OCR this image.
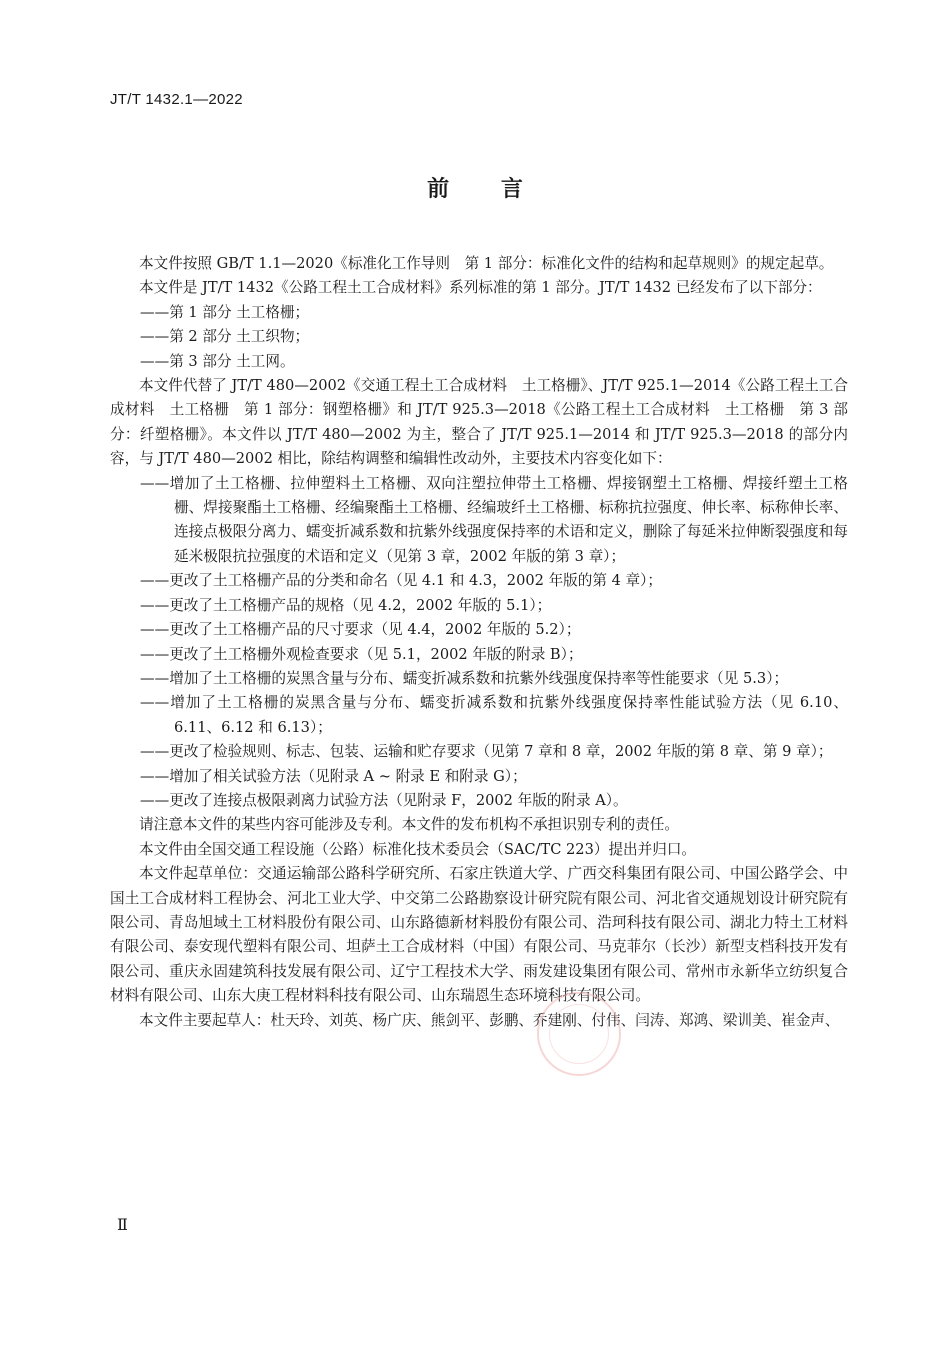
JT/T 1432.1—2022
前 言

本文件按照 GB/T 1.1—2020《标准化工作导则　第 1 部分：标准化文件的结构和起草规则》的规定起草。

本文件是 JT/T 1432《公路工程土工合成材料》系列标准的第 1 部分。JT/T 1432 已经发布了以下部分：

——第 1 部分 土工格栅；

——第 2 部分 土工织物；

——第 3 部分 土工网。

本文件代替了 JT/T 480—2002《交通工程土工合成材料　土工格栅》、JT/T 925.1—2014《公路工程土工合成材料　土工格栅　第 1 部分：钢塑格栅》和 JT/T 925.3—2018《公路工程土工合成材料　土工格栅　第 3 部分：纤塑格栅》。本文件以 JT/T 480—2002 为主，整合了 JT/T 925.1—2014 和 JT/T 925.3—2018 的部分内容，与 JT/T 480—2002 相比，除结构调整和编辑性改动外，主要技术内容变化如下：

——增加了土工格栅、拉伸塑料土工格栅、双向注塑拉伸带土工格栅、焊接钢塑土工格栅、焊接纤塑土工格栅、焊接聚酯土工格栅、经编聚酯土工格栅、经编玻纤土工格栅、标称抗拉强度、伸长率、标称伸长率、连接点极限分离力、蠕变折减系数和抗紫外线强度保持率的术语和定义，删除了每延米拉伸断裂强度和每延米极限抗拉强度的术语和定义（见第 3 章，2002 年版的第 3 章）；

——更改了土工格栅产品的分类和命名（见 4.1 和 4.3，2002 年版的第 4 章）；

——更改了土工格栅产品的规格（见 4.2，2002 年版的 5.1）；

——更改了土工格栅产品的尺寸要求（见 4.4，2002 年版的 5.2）；

——更改了土工格栅外观检查要求（见 5.1，2002 年版的附录 B）；

——增加了土工格栅的炭黑含量与分布、蠕变折减系数和抗紫外线强度保持率等性能要求（见 5.3）；

——增加了土工格栅的炭黑含量与分布、蠕变折减系数和抗紫外线强度保持率性能试验方法（见 6.10、6.11、6.12 和 6.13）；

——更改了检验规则、标志、包装、运输和贮存要求（见第 7 章和 8 章，2002 年版的第 8 章、第 9 章）；

——增加了相关试验方法（见附录 A ~ 附录 E 和附录 G）；

——更改了连接点极限剥离力试验方法（见附录 F，2002 年版的附录 A）。

请注意本文件的某些内容可能涉及专利。本文件的发布机构不承担识别专利的责任。

本文件由全国交通工程设施（公路）标准化技术委员会（SAC/TC 223）提出并归口。

本文件起草单位：交通运输部公路科学研究所、石家庄铁道大学、广西交科集团有限公司、中国公路学会、中国土工合成材料工程协会、河北工业大学、中交第二公路勘察设计研究院有限公司、河北省交通规划设计研究院有限公司、青岛旭域土工材料股份有限公司、山东路德新材料股份有限公司、浩珂科技有限公司、湖北力特土工材料有限公司、泰安现代塑料有限公司、坦萨土工合成材料（中国）有限公司、马克菲尔（长沙）新型支档科技开发有限公司、重庆永固建筑科技发展有限公司、辽宁工程技术大学、雨发建设集团有限公司、常州市永新华立纺织复合材料有限公司、山东大庚工程材料科技有限公司、山东瑞恩生态环境科技有限公司。

本文件主要起草人：杜天玲、刘英、杨广庆、熊剑平、彭鹏、乔建刚、付伟、闫涛、郑鸿、梁训美、崔金声、

Ⅱ
